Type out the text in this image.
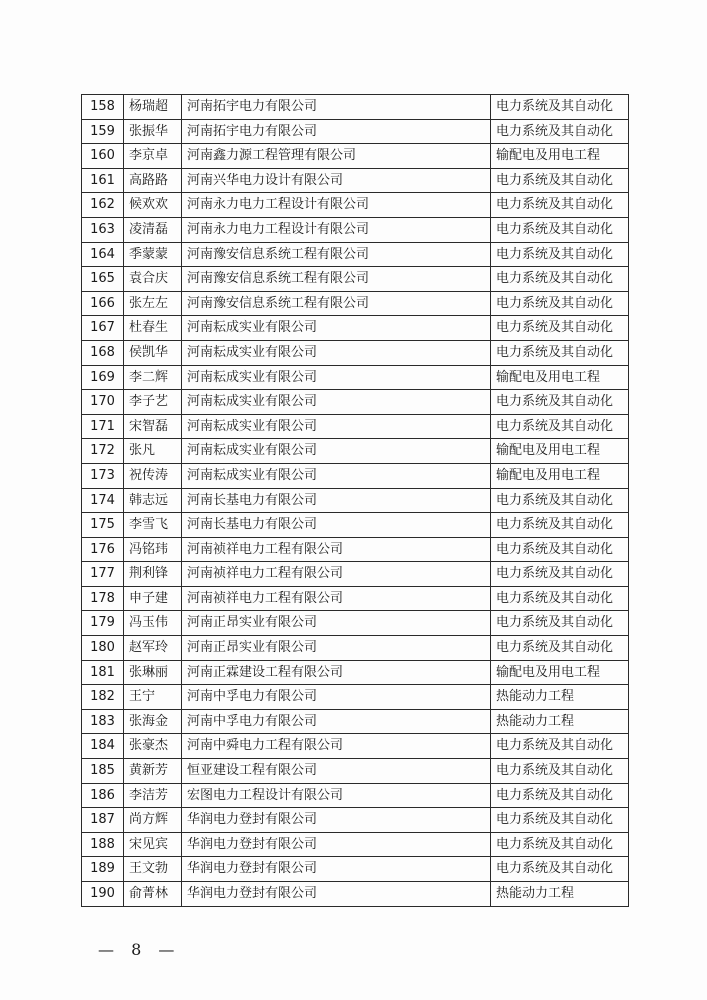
158	杨瑞超	河南拓宇电力有限公司	电力系统及其自动化
159	张振华	河南拓宇电力有限公司	电力系统及其自动化
160	李京卓	河南鑫力源工程管理有限公司	输配电及用电工程
161	高路路	河南兴华电力设计有限公司	电力系统及其自动化
162	候欢欢	河南永力电力工程设计有限公司	电力系统及其自动化
163	凌清磊	河南永力电力工程设计有限公司	电力系统及其自动化
164	季蒙蒙	河南豫安信息系统工程有限公司	电力系统及其自动化
165	袁合庆	河南豫安信息系统工程有限公司	电力系统及其自动化
166	张左左	河南豫安信息系统工程有限公司	电力系统及其自动化
167	杜春生	河南耘成实业有限公司	电力系统及其自动化
168	侯凯华	河南耘成实业有限公司	电力系统及其自动化
169	李二辉	河南耘成实业有限公司	输配电及用电工程
170	李子艺	河南耘成实业有限公司	电力系统及其自动化
171	宋智磊	河南耘成实业有限公司	电力系统及其自动化
172	张凡	河南耘成实业有限公司	输配电及用电工程
173	祝传涛	河南耘成实业有限公司	输配电及用电工程
174	韩志远	河南长基电力有限公司	电力系统及其自动化
175	李雪飞	河南长基电力有限公司	电力系统及其自动化
176	冯铭玮	河南祯祥电力工程有限公司	电力系统及其自动化
177	荆利锋	河南祯祥电力工程有限公司	电力系统及其自动化
178	申子建	河南祯祥电力工程有限公司	电力系统及其自动化
179	冯玉伟	河南正昂实业有限公司	电力系统及其自动化
180	赵军玲	河南正昂实业有限公司	电力系统及其自动化
181	张琳丽	河南正霖建设工程有限公司	输配电及用电工程
182	王宁	河南中孚电力有限公司	热能动力工程
183	张海金	河南中孚电力有限公司	热能动力工程
184	张豪杰	河南中舜电力工程有限公司	电力系统及其自动化
185	黄新芳	恒亚建设工程有限公司	电力系统及其自动化
186	李洁芳	宏图电力工程设计有限公司	电力系统及其自动化
187	尚方辉	华润电力登封有限公司	电力系统及其自动化
188	宋见宾	华润电力登封有限公司	电力系统及其自动化
189	王文勃	华润电力登封有限公司	电力系统及其自动化
190	俞菁林	华润电力登封有限公司	热能动力工程
— 8 —
